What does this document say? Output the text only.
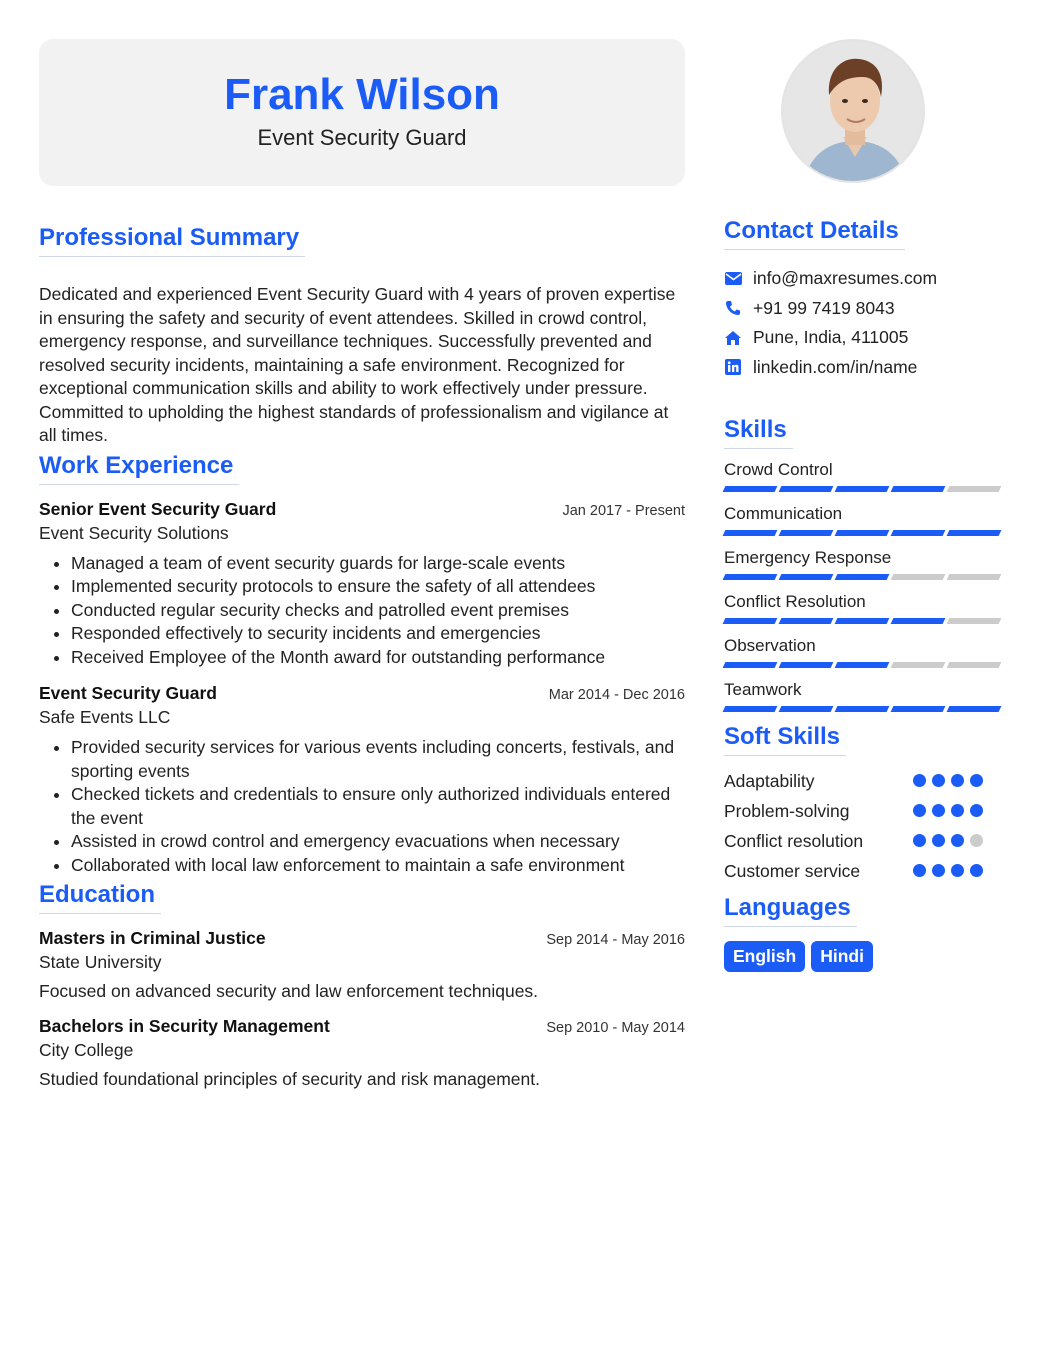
Frank Wilson
Event Security Guard
Professional Summary

Dedicated and experienced Event Security Guard with 4 years of proven expertise in ensuring the safety and security of event attendees. Skilled in crowd control, emergency response, and surveillance techniques. Successfully prevented and resolved security incidents, maintaining a safe environment. Recognized for exceptional communication skills and ability to work effectively under pressure. Committed to upholding the highest standards of professionalism and vigilance at all times.

Work Experience
Senior Event Security Guard	Jan 2017 - Present
Event Security Solutions
• Managed a team of event security guards for large-scale events
• Implemented security protocols to ensure the safety of all attendees
• Conducted regular security checks and patrolled event premises
• Responded effectively to security incidents and emergencies
• Received Employee of the Month award for outstanding performance
Event Security Guard	Mar 2014 - Dec 2016
Safe Events LLC
• Provided security services for various events including concerts, festivals, and sporting events
• Checked tickets and credentials to ensure only authorized individuals entered the event
• Assisted in crowd control and emergency evacuations when necessary
• Collaborated with local law enforcement to maintain a safe environment
Education
Masters in Criminal Justice	Sep 2014 - May 2016
State University
Focused on advanced security and law enforcement techniques.
Bachelors in Security Management	Sep 2010 - May 2014
City College
Studied foundational principles of security and risk management.
Contact Details
info@maxresumes.com
+91 99 7419 8043
Pune, India, 411005
linkedin.com/in/name
Skills
Crowd Control
Communication
Emergency Response
Conflict Resolution
Observation
Teamwork
Soft Skills
Adaptability
Problem-solving
Conflict resolution
Customer service
Languages
English	Hindi
